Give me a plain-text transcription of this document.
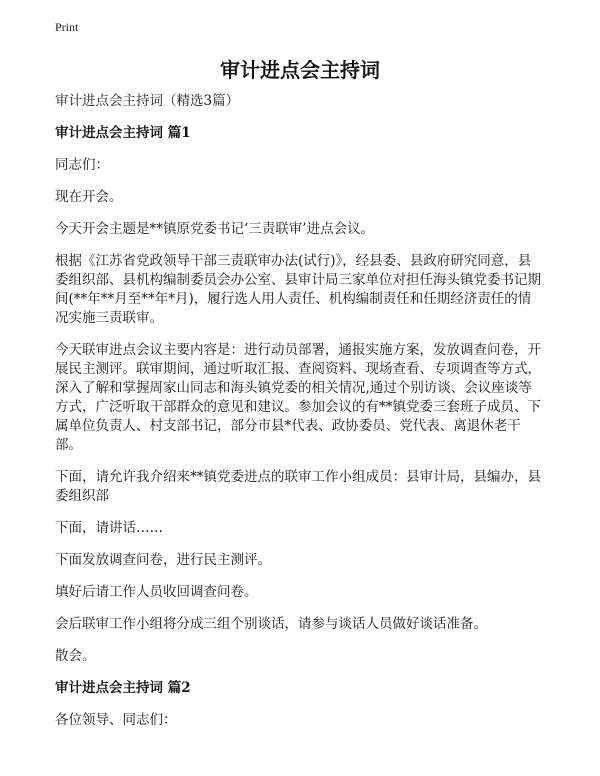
Print
审计进点会主持词

审计进点会主持词（精选3篇）

审计进点会主持词 篇1

同志们：

现在开会。

今天开会主题是**镇原党委书记‘三责联审’进点会议。

根据《江苏省党政领导干部三责联审办法(试行)》，经县委、县政府研究同意，县委组织部、县机构编制委员会办公室、县审计局三家单位对担任海头镇党委书记期间(**年**月至**年*月)，履行选人用人责任、机构编制责任和任期经济责任的情况实施三责联审。

今天联审进点会议主要内容是：进行动员部署，通报实施方案，发放调查问卷，开展民主测评。联审期间，通过听取汇报、查阅资料、现场查看、专项调查等方式，深入了解和掌握周家山同志和海头镇党委的相关情况,通过个别访谈、会议座谈等方式，广泛听取干部群众的意见和建议。参加会议的有**镇党委三套班子成员、下属单位负责人、村支部书记，部分市县*代表、政协委员、党代表、离退休老干部。

下面，请允许我介绍来**镇党委进点的联审工作小组成员：县审计局，县编办，县委组织部

下面，请讲话……

下面发放调查问卷，进行民主测评。

填好后请工作人员收回调查问卷。

会后联审工作小组将分成三组个别谈话，请参与谈话人员做好谈话准备。

散会。

审计进点会主持词 篇2

各位领导、同志们：
